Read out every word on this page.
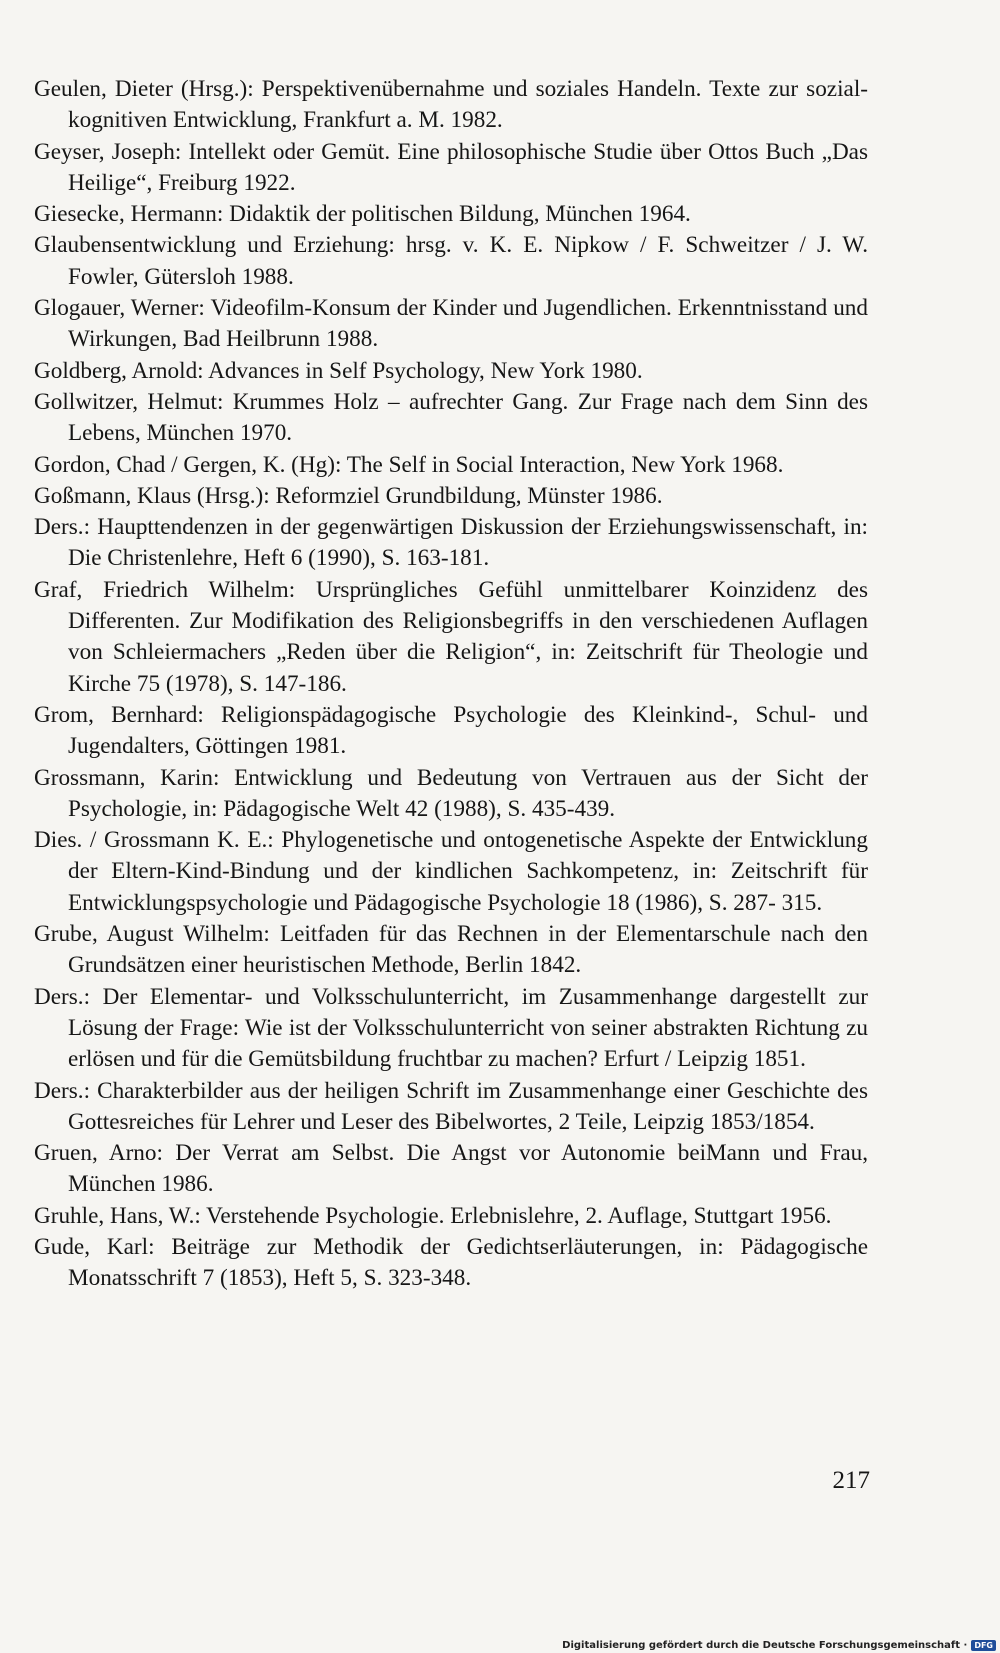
Geulen, Dieter (Hrsg.): Perspektivenübernahme und soziales Handeln. Texte zur sozial-kognitiven Entwicklung, Frankfurt a. M. 1982.

Geyser, Joseph: Intellekt oder Gemüt. Eine philosophische Studie über Ottos Buch „Das Heilige“, Freiburg 1922.

Giesecke, Hermann: Didaktik der politischen Bildung, München 1964.

Glaubensentwicklung und Erziehung: hrsg. v. K. E. Nipkow / F. Schweitzer / J. W. Fowler, Gütersloh 1988.

Glogauer, Werner: Videofilm-Konsum der Kinder und Jugendlichen. Erkenntnisstand und Wirkungen, Bad Heilbrunn 1988.

Goldberg, Arnold: Advances in Self Psychology, New York 1980.

Gollwitzer, Helmut: Krummes Holz – aufrechter Gang. Zur Frage nach dem Sinn des Lebens, München 1970.

Gordon, Chad / Gergen, K. (Hg): The Self in Social Interaction, New York 1968.

Goßmann, Klaus (Hrsg.): Reformziel Grundbildung, Münster 1986.

Ders.: Haupttendenzen in der gegenwärtigen Diskussion der Erziehungswissenschaft, in: Die Christenlehre, Heft 6 (1990), S. 163-181.

Graf, Friedrich Wilhelm: Ursprüngliches Gefühl unmittelbarer Koinzidenz des Differenten. Zur Modifikation des Religionsbegriffs in den verschiedenen Auflagen von Schleiermachers „Reden über die Religion“, in: Zeitschrift für Theologie und Kirche 75 (1978), S. 147-186.

Grom, Bernhard: Religionspädagogische Psychologie des Kleinkind-, Schul- und Jugendalters, Göttingen 1981.

Grossmann, Karin: Entwicklung und Bedeutung von Vertrauen aus der Sicht der Psychologie, in: Pädagogische Welt 42 (1988), S. 435-439.

Dies. / Grossmann K. E.: Phylogenetische und ontogenetische Aspekte der Entwicklung der Eltern-Kind-Bindung und der kindlichen Sachkompetenz, in: Zeitschrift für Entwicklungspsychologie und Pädagogische Psychologie 18 (1986), S. 287- 315.

Grube, August Wilhelm: Leitfaden für das Rechnen in der Elementarschule nach den Grundsätzen einer heuristischen Methode, Berlin 1842.

Ders.: Der Elementar- und Volksschulunterricht, im Zusammenhange dargestellt zur Lösung der Frage: Wie ist der Volksschulunterricht von seiner abstrakten Richtung zu erlösen und für die Gemütsbildung fruchtbar zu machen? Erfurt / Leipzig 1851.

Ders.: Charakterbilder aus der heiligen Schrift im Zusammenhange einer Geschichte des Gottesreiches für Lehrer und Leser des Bibelwortes, 2 Teile, Leipzig 1853/1854.

Gruen, Arno: Der Verrat am Selbst. Die Angst vor Autonomie beiMann und Frau, München 1986.

Gruhle, Hans, W.: Verstehende Psychologie. Erlebnislehre, 2. Auflage, Stuttgart 1956.

Gude, Karl: Beiträge zur Methodik der Gedichtserläuterungen, in: Pädagogische Monatsschrift 7 (1853), Heft 5, S. 323-348.

217
Digitalisierung gefördert durch die Deutsche Forschungsgemeinschaft · DFG
